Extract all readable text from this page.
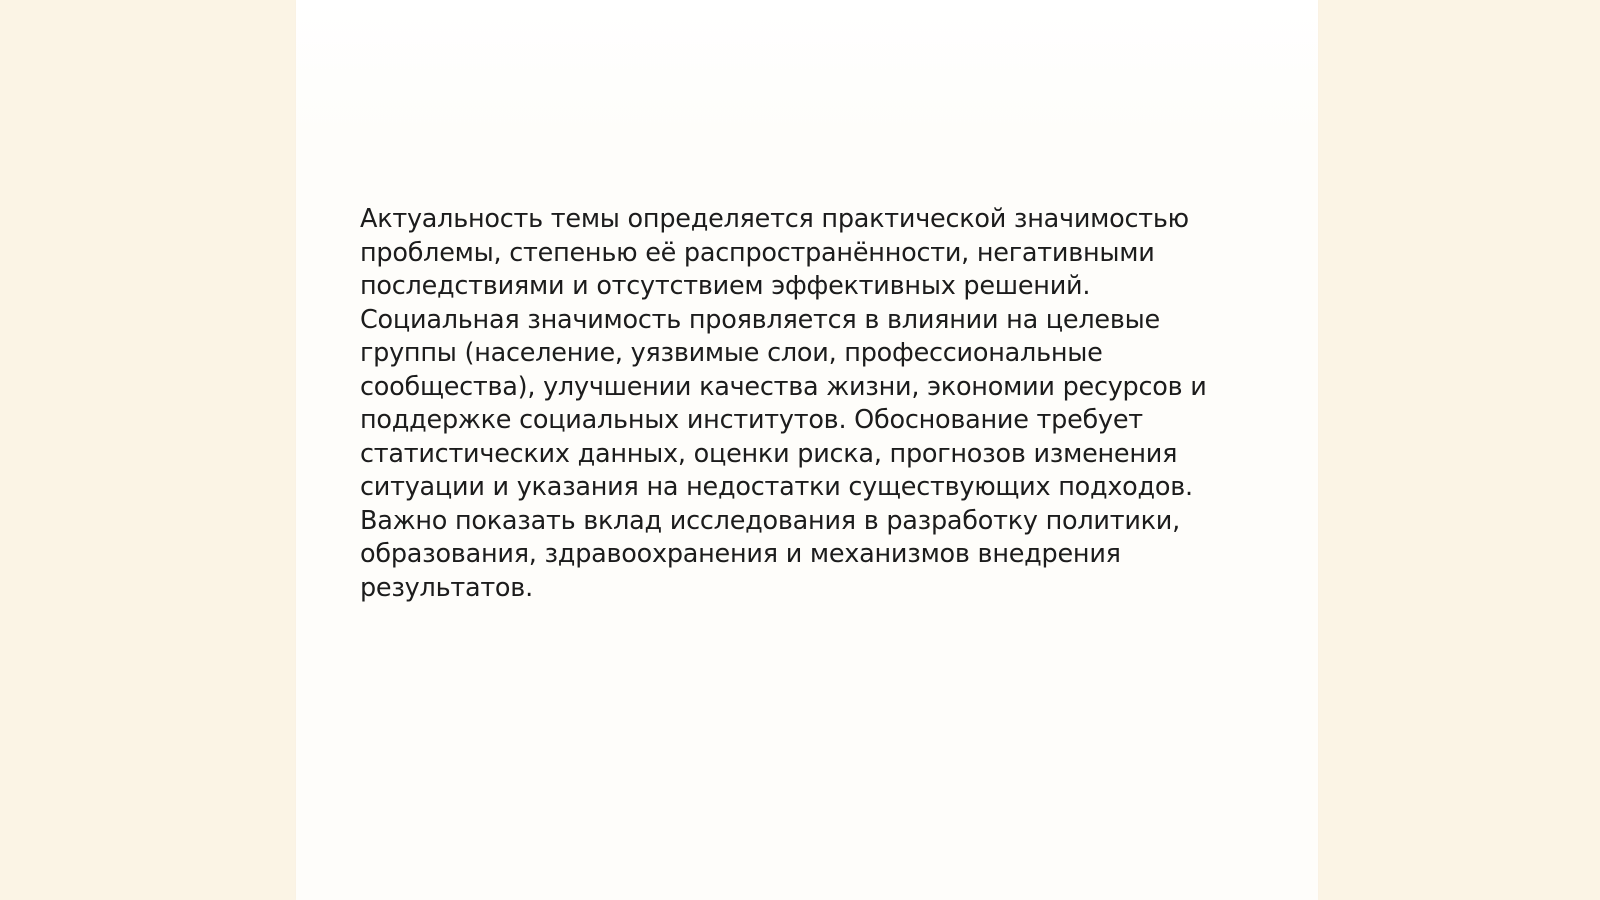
Актуальность темы определяется практической значимостью
проблемы, степенью её распространённости, негативными
последствиями и отсутствием эффективных решений.
Социальная значимость проявляется в влиянии на целевые
группы (население, уязвимые слои, профессиональные
сообщества), улучшении качества жизни, экономии ресурсов и
поддержке социальных институтов. Обоснование требует
статистических данных, оценки риска, прогнозов изменения
ситуации и указания на недостатки существующих подходов.
Важно показать вклад исследования в разработку политики,
образования, здравоохранения и механизмов внедрения
результатов.
